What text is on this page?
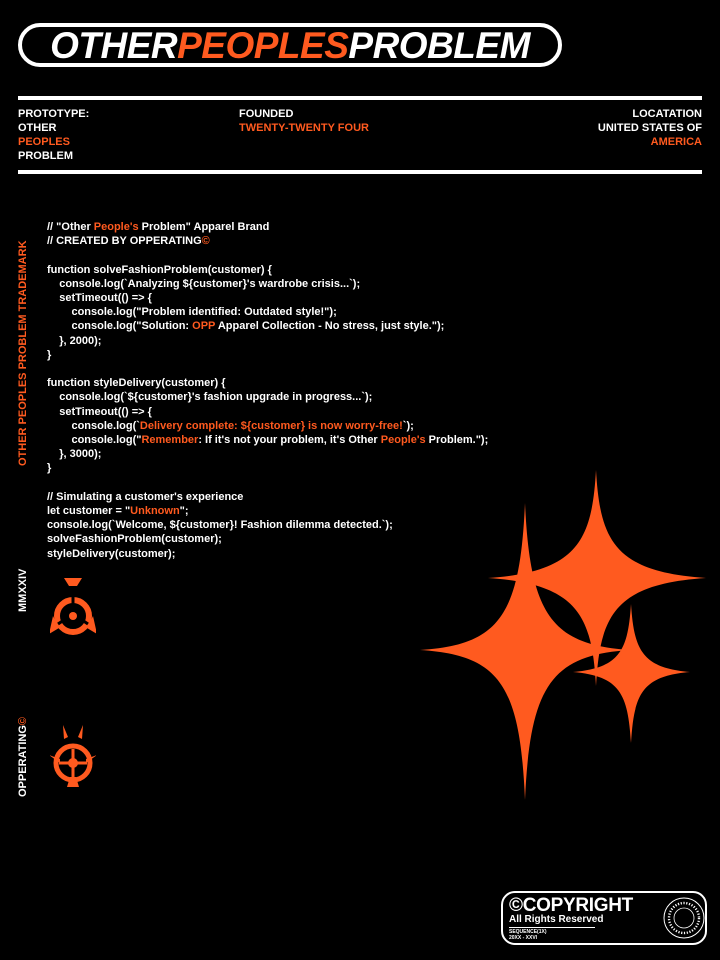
OTHER PEOPLES PROBLEM
PROTOTYPE:
OTHER
PEOPLES
PROBLEM
FOUNDED
TWENTY-TWENTY FOUR
LOCATATION
UNITED STATES OF
AMERICA
// "Other People's Problem" Apparel Brand
// CREATED BY OPPERATING©

function solveFashionProblem(customer) {
console.log(`Analyzing ${customer}'s wardrobe crisis...`);
setTimeout(() => {
console.log("Problem identified: Outdated style!");
console.log("Solution: OPP Apparel Collection - No stress, just style.");
}, 2000);
}

function styleDelivery(customer) {
console.log(`${customer}'s fashion upgrade in progress...`);
setTimeout(() => {
console.log(`Delivery complete: ${customer} is now worry-free!`);
console.log("Remember: If it's not your problem, it's Other People's Problem.");
}, 3000);
}

// Simulating a customer's experience
let customer = "Unknown";
console.log(`Welcome, ${customer}! Fashion dilemma detected.`);
solveFashionProblem(customer);
styleDelivery(customer);
OTHER PEOPLES PROBLEM TRADEMARK
MMXXIV
OPPERATING©
©COPYRIGHT
All Rights Reserved
SEQUENCE(1X)
20XX - XXVI
